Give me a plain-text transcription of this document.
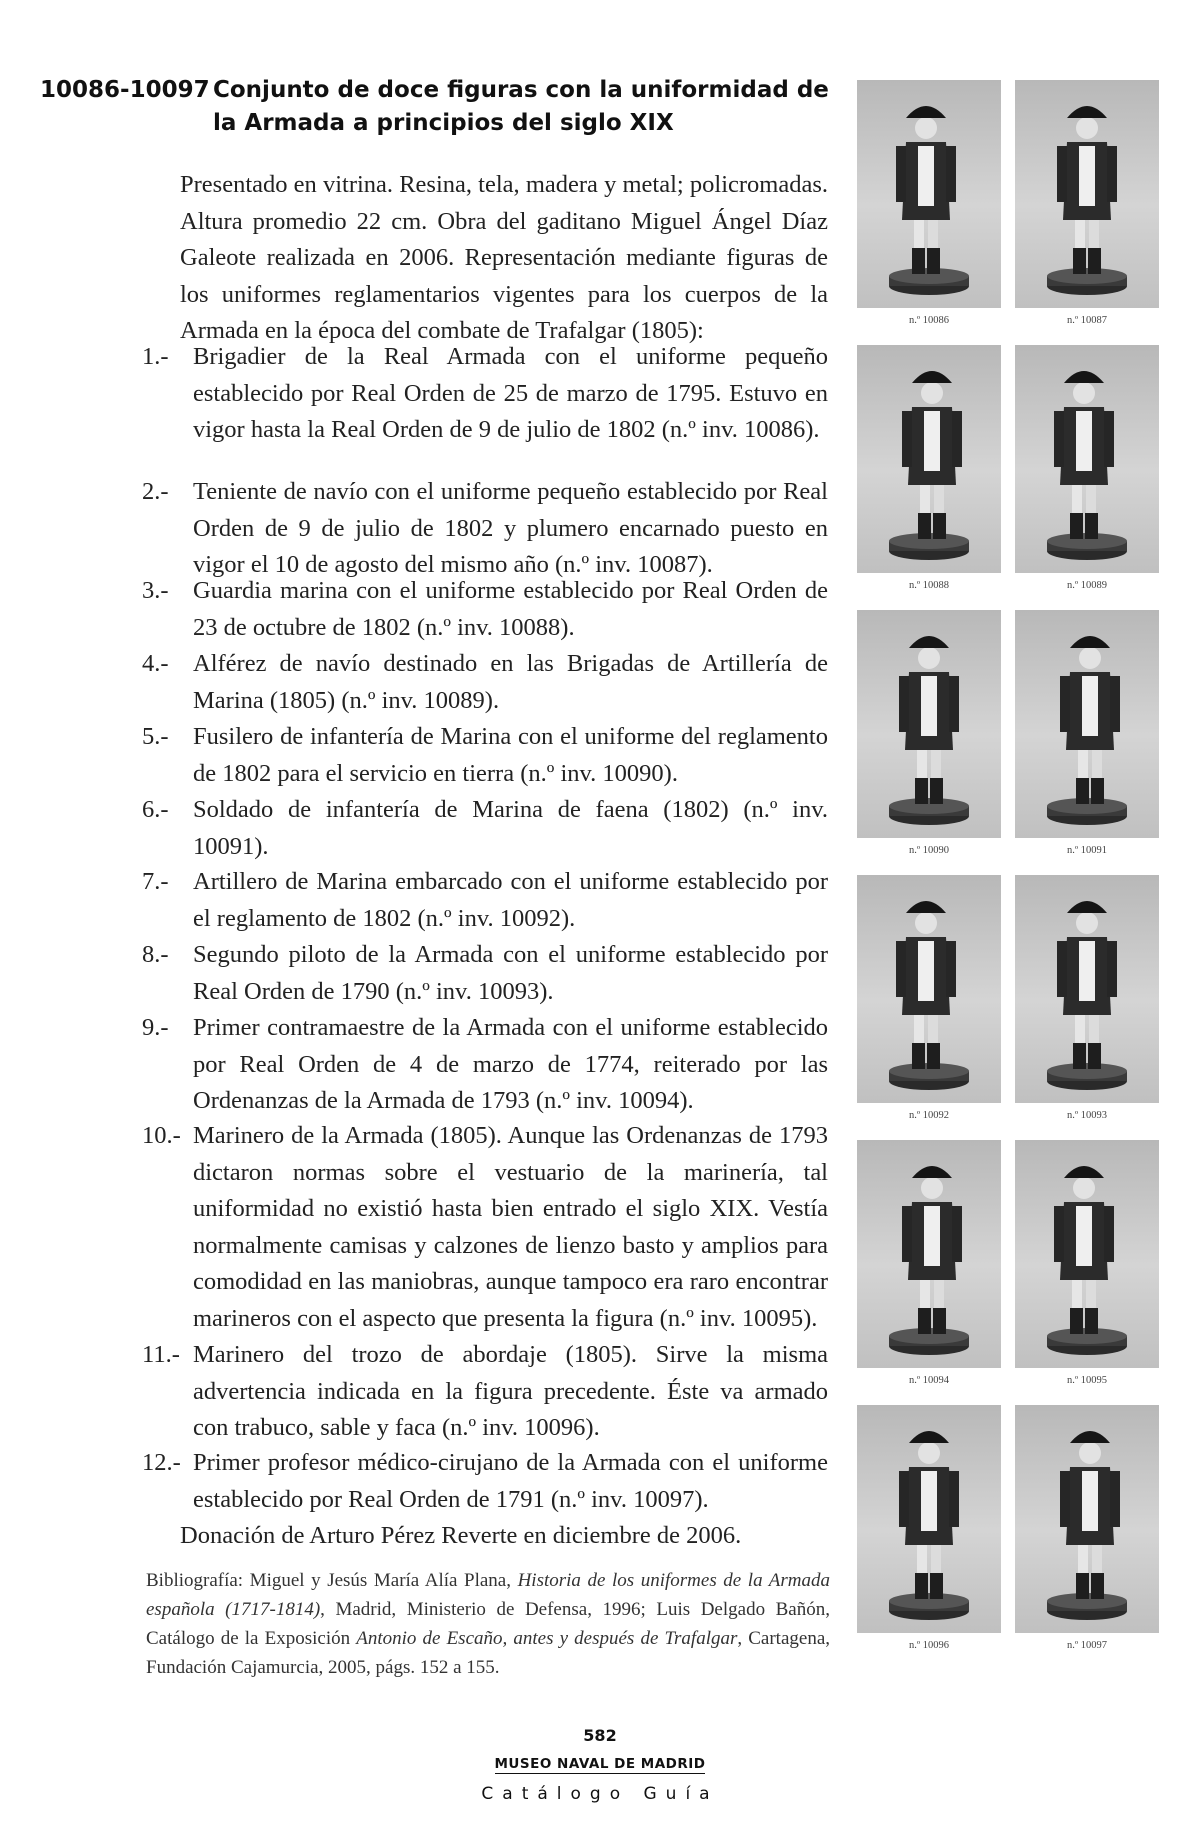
10086-10097 Conjunto de doce figuras con la uniformidad de la Armada a principios del siglo XIX

Presentado en vitrina. Resina, tela, madera y metal; policromadas. Altura promedio 22 cm. Obra del gaditano Miguel Ángel Díaz Galeote realizada en 2006. Representación mediante figuras de los uniformes reglamentarios vigentes para los cuerpos de la Armada en la época del combate de Trafalgar (1805):

1.- Brigadier de la Real Armada con el uniforme pequeño establecido por Real Orden de 25 de marzo de 1795. Estuvo en vigor hasta la Real Orden de 9 de julio de 1802 (n.º inv. 10086).
2.- Teniente de navío con el uniforme pequeño establecido por Real Orden de 9 de julio de 1802 y plumero encarnado puesto en vigor el 10 de agosto del mismo año (n.º inv. 10087).
3.- Guardia marina con el uniforme establecido por Real Orden de 23 de octubre de 1802 (n.º inv. 10088).
4.- Alférez de navío destinado en las Brigadas de Artillería de Marina (1805) (n.º inv. 10089).
5.- Fusilero de infantería de Marina con el uniforme del reglamento de 1802 para el servicio en tierra (n.º inv. 10090).
6.- Soldado de infantería de Marina de faena (1802) (n.º inv. 10091).
7.- Artillero de Marina embarcado con el uniforme establecido por el reglamento de 1802 (n.º inv. 10092).
8.- Segundo piloto de la Armada con el uniforme establecido por Real Orden de 1790 (n.º inv. 10093).
9.- Primer contramaestre de la Armada con el uniforme establecido por Real Orden de 4 de marzo de 1774, reiterado por las Ordenanzas de la Armada de 1793 (n.º inv. 10094).
10.- Marinero de la Armada (1805). Aunque las Ordenanzas de 1793 dictaron normas sobre el vestuario de la marinería, tal uniformidad no existió hasta bien entrado el siglo XIX. Vestía normalmente camisas y calzones de lienzo basto y amplios para comodidad en las maniobras, aunque tampoco era raro encontrar marineros con el aspecto que presenta la figura (n.º inv. 10095).
11.- Marinero del trozo de abordaje (1805). Sirve la misma advertencia indicada en la figura precedente. Éste va armado con trabuco, sable y faca (n.º inv. 10096).
12.- Primer profesor médico-cirujano de la Armada con el uniforme establecido por Real Orden de 1791 (n.º inv. 10097).

Donación de Arturo Pérez Reverte en diciembre de 2006.

Bibliografía: Miguel y Jesús María Alía Plana, Historia de los uniformes de la Armada española (1717-1814), Madrid, Ministerio de Defensa, 1996; Luis Delgado Bañón, Catálogo de la Exposición Antonio de Escaño, antes y después de Trafalgar, Cartagena, Fundación Cajamurcia, 2005, págs. 152 a 155.

n.º 10086	n.º 10087
n.º 10088	n.º 10089
n.º 10090	n.º 10091
n.º 10092	n.º 10093
n.º 10094	n.º 10095
n.º 10096	n.º 10097
582
MUSEO NAVAL DE MADRID
Catálogo Guía
